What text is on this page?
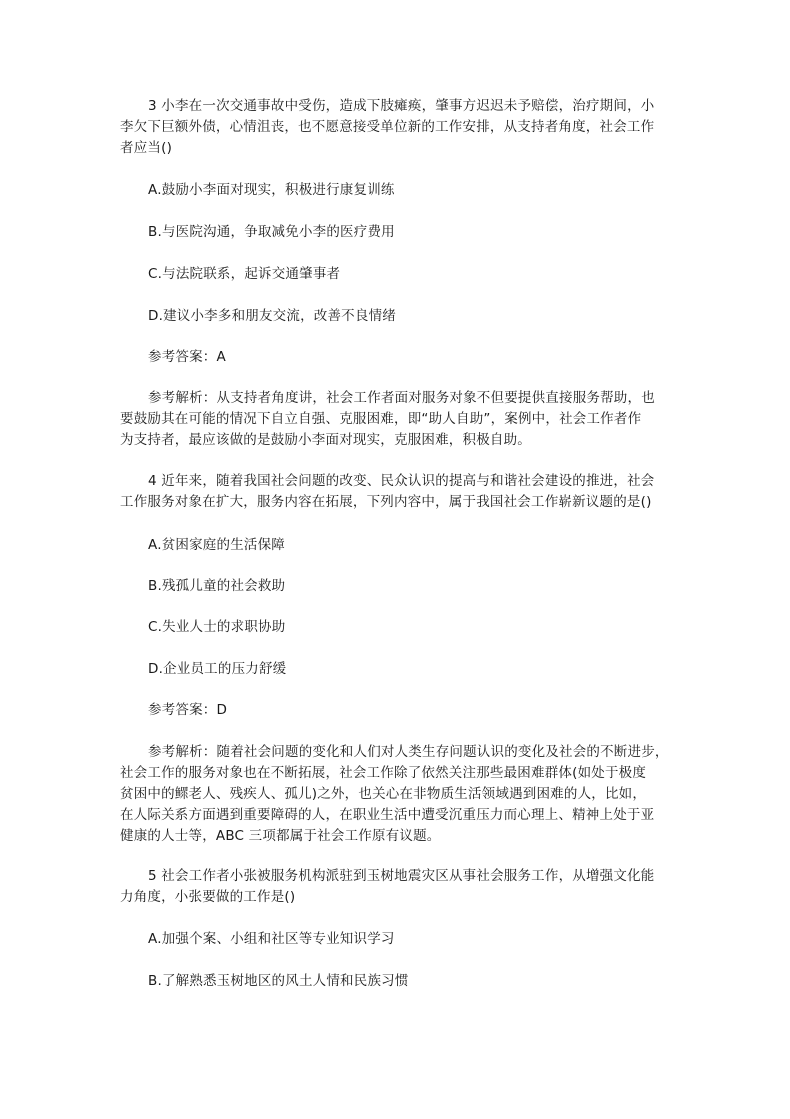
3 小李在一次交通事故中受伤，造成下肢瘫痪，肇事方迟迟未予赔偿，治疗期间，小
李欠下巨额外债，心情沮丧，也不愿意接受单位新的工作安排，从支持者角度，社会工作
者应当()
A.鼓励小李面对现实，积极进行康复训练
B.与医院沟通，争取减免小李的医疗费用
C.与法院联系，起诉交通肇事者
D.建议小李多和朋友交流，改善不良情绪
参考答案：A
参考解析：从支持者角度讲，社会工作者面对服务对象不但要提供直接服务帮助，也
要鼓励其在可能的情况下自立自强、克服困难，即“助人自助”，案例中，社会工作者作
为支持者，最应该做的是鼓励小李面对现实，克服困难，积极自助。
4 近年来，随着我国社会问题的改变、民众认识的提高与和谐社会建设的推进，社会
工作服务对象在扩大，服务内容在拓展，下列内容中，属于我国社会工作崭新议题的是()
A.贫困家庭的生活保障
B.残孤儿童的社会救助
C.失业人士的求职协助
D.企业员工的压力舒缓
参考答案：D
参考解析：随着社会问题的变化和人们对人类生存问题认识的变化及社会的不断进步，
社会工作的服务对象也在不断拓展，社会工作除了依然关注那些最困难群体(如处于极度
贫困中的鳏老人、残疾人、孤儿)之外，也关心在非物质生活领域遇到困难的人，比如，
在人际关系方面遇到重要障碍的人，在职业生活中遭受沉重压力而心理上、精神上处于亚
健康的人士等，ABC 三项都属于社会工作原有议题。
5 社会工作者小张被服务机构派驻到玉树地震灾区从事社会服务工作，从增强文化能
力角度，小张要做的工作是()
A.加强个案、小组和社区等专业知识学习
B.了解熟悉玉树地区的风土人情和民族习惯
